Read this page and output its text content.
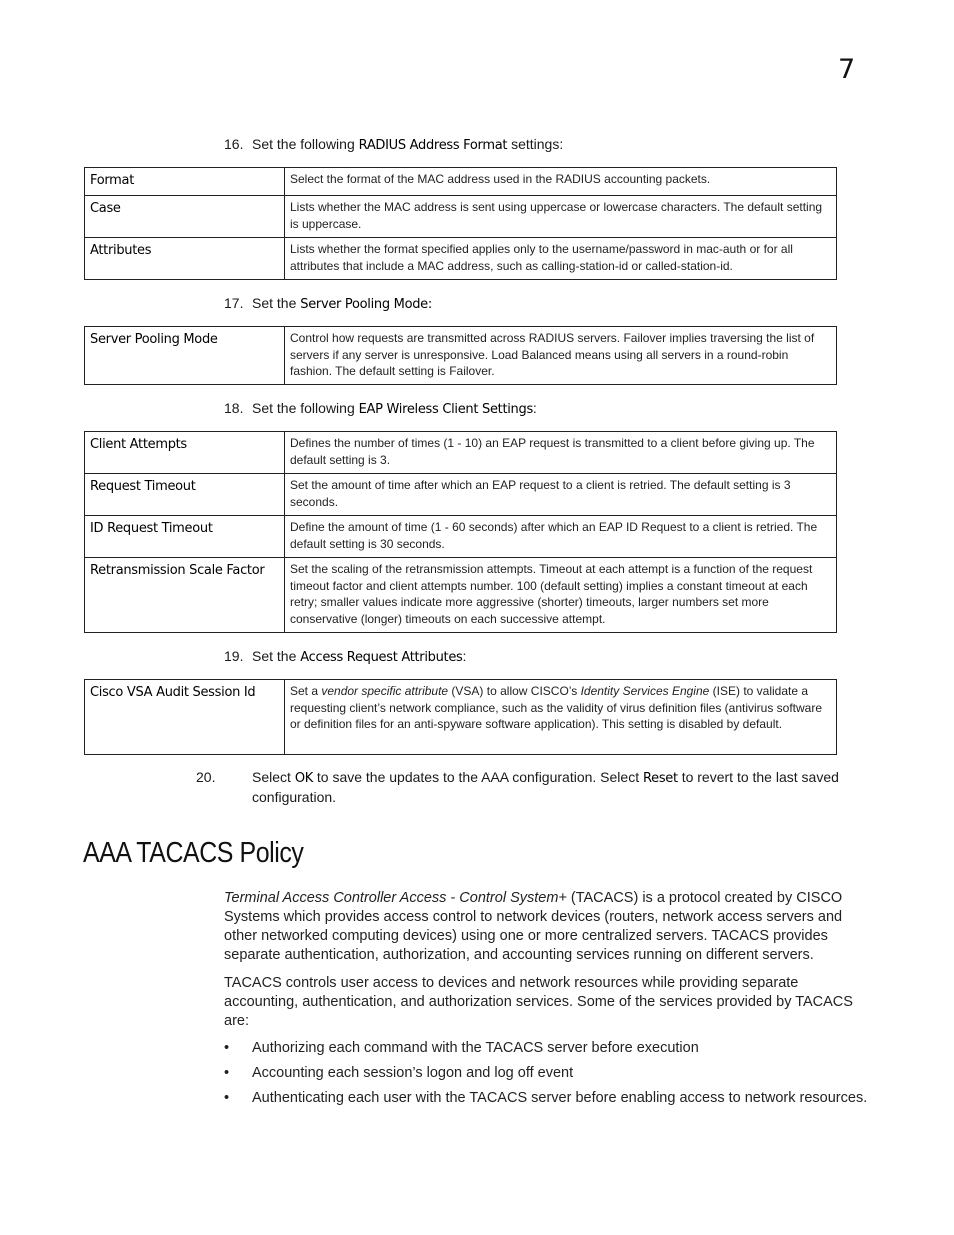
7
16. Set the following RADIUS Address Format settings:
Format	Select the format of the MAC address used in the RADIUS accounting packets.
Case	Lists whether the MAC address is sent using uppercase or lowercase characters. The default setting is uppercase.
Attributes	Lists whether the format specified applies only to the username/password in mac-auth or for all attributes that include a MAC address, such as calling-station-id or called-station-id.
17. Set the Server Pooling Mode:
Server Pooling Mode	Control how requests are transmitted across RADIUS servers. Failover implies traversing the list of servers if any server is unresponsive. Load Balanced means using all servers in a round-robin fashion. The default setting is Failover.
18. Set the following EAP Wireless Client Settings:
Client Attempts	Defines the number of times (1 - 10) an EAP request is transmitted to a client before giving up. The default setting is 3.
Request Timeout	Set the amount of time after which an EAP request to a client is retried. The default setting is 3 seconds.
ID Request Timeout	Define the amount of time (1 - 60 seconds) after which an EAP ID Request to a client is retried. The default setting is 30 seconds.
Retransmission Scale Factor	Set the scaling of the retransmission attempts. Timeout at each attempt is a function of the request timeout factor and client attempts number. 100 (default setting) implies a constant timeout at each retry; smaller values indicate more aggressive (shorter) timeouts, larger numbers set more conservative (longer) timeouts on each successive attempt.
19. Set the Access Request Attributes:
Cisco VSA Audit Session Id	Set a vendor specific attribute (VSA) to allow CISCO’s Identity Services Engine (ISE) to validate a requesting client’s network compliance, such as the validity of virus definition files (antivirus software or definition files for an anti-spyware software application). This setting is disabled by default.
20.	Select OK to save the updates to the AAA configuration. Select Reset to revert to the last saved configuration.
AAA TACACS Policy
Terminal Access Controller Access - Control System+ (TACACS) is a protocol created by CISCO Systems which provides access control to network devices (routers, network access servers and other networked computing devices) using one or more centralized servers. TACACS provides separate authentication, authorization, and accounting services running on different servers.
TACACS controls user access to devices and network resources while providing separate accounting, authentication, and authorization services. Some of the services provided by TACACS are:
• Authorizing each command with the TACACS server before execution
• Accounting each session’s logon and log off event
• Authenticating each user with the TACACS server before enabling access to network resources.
